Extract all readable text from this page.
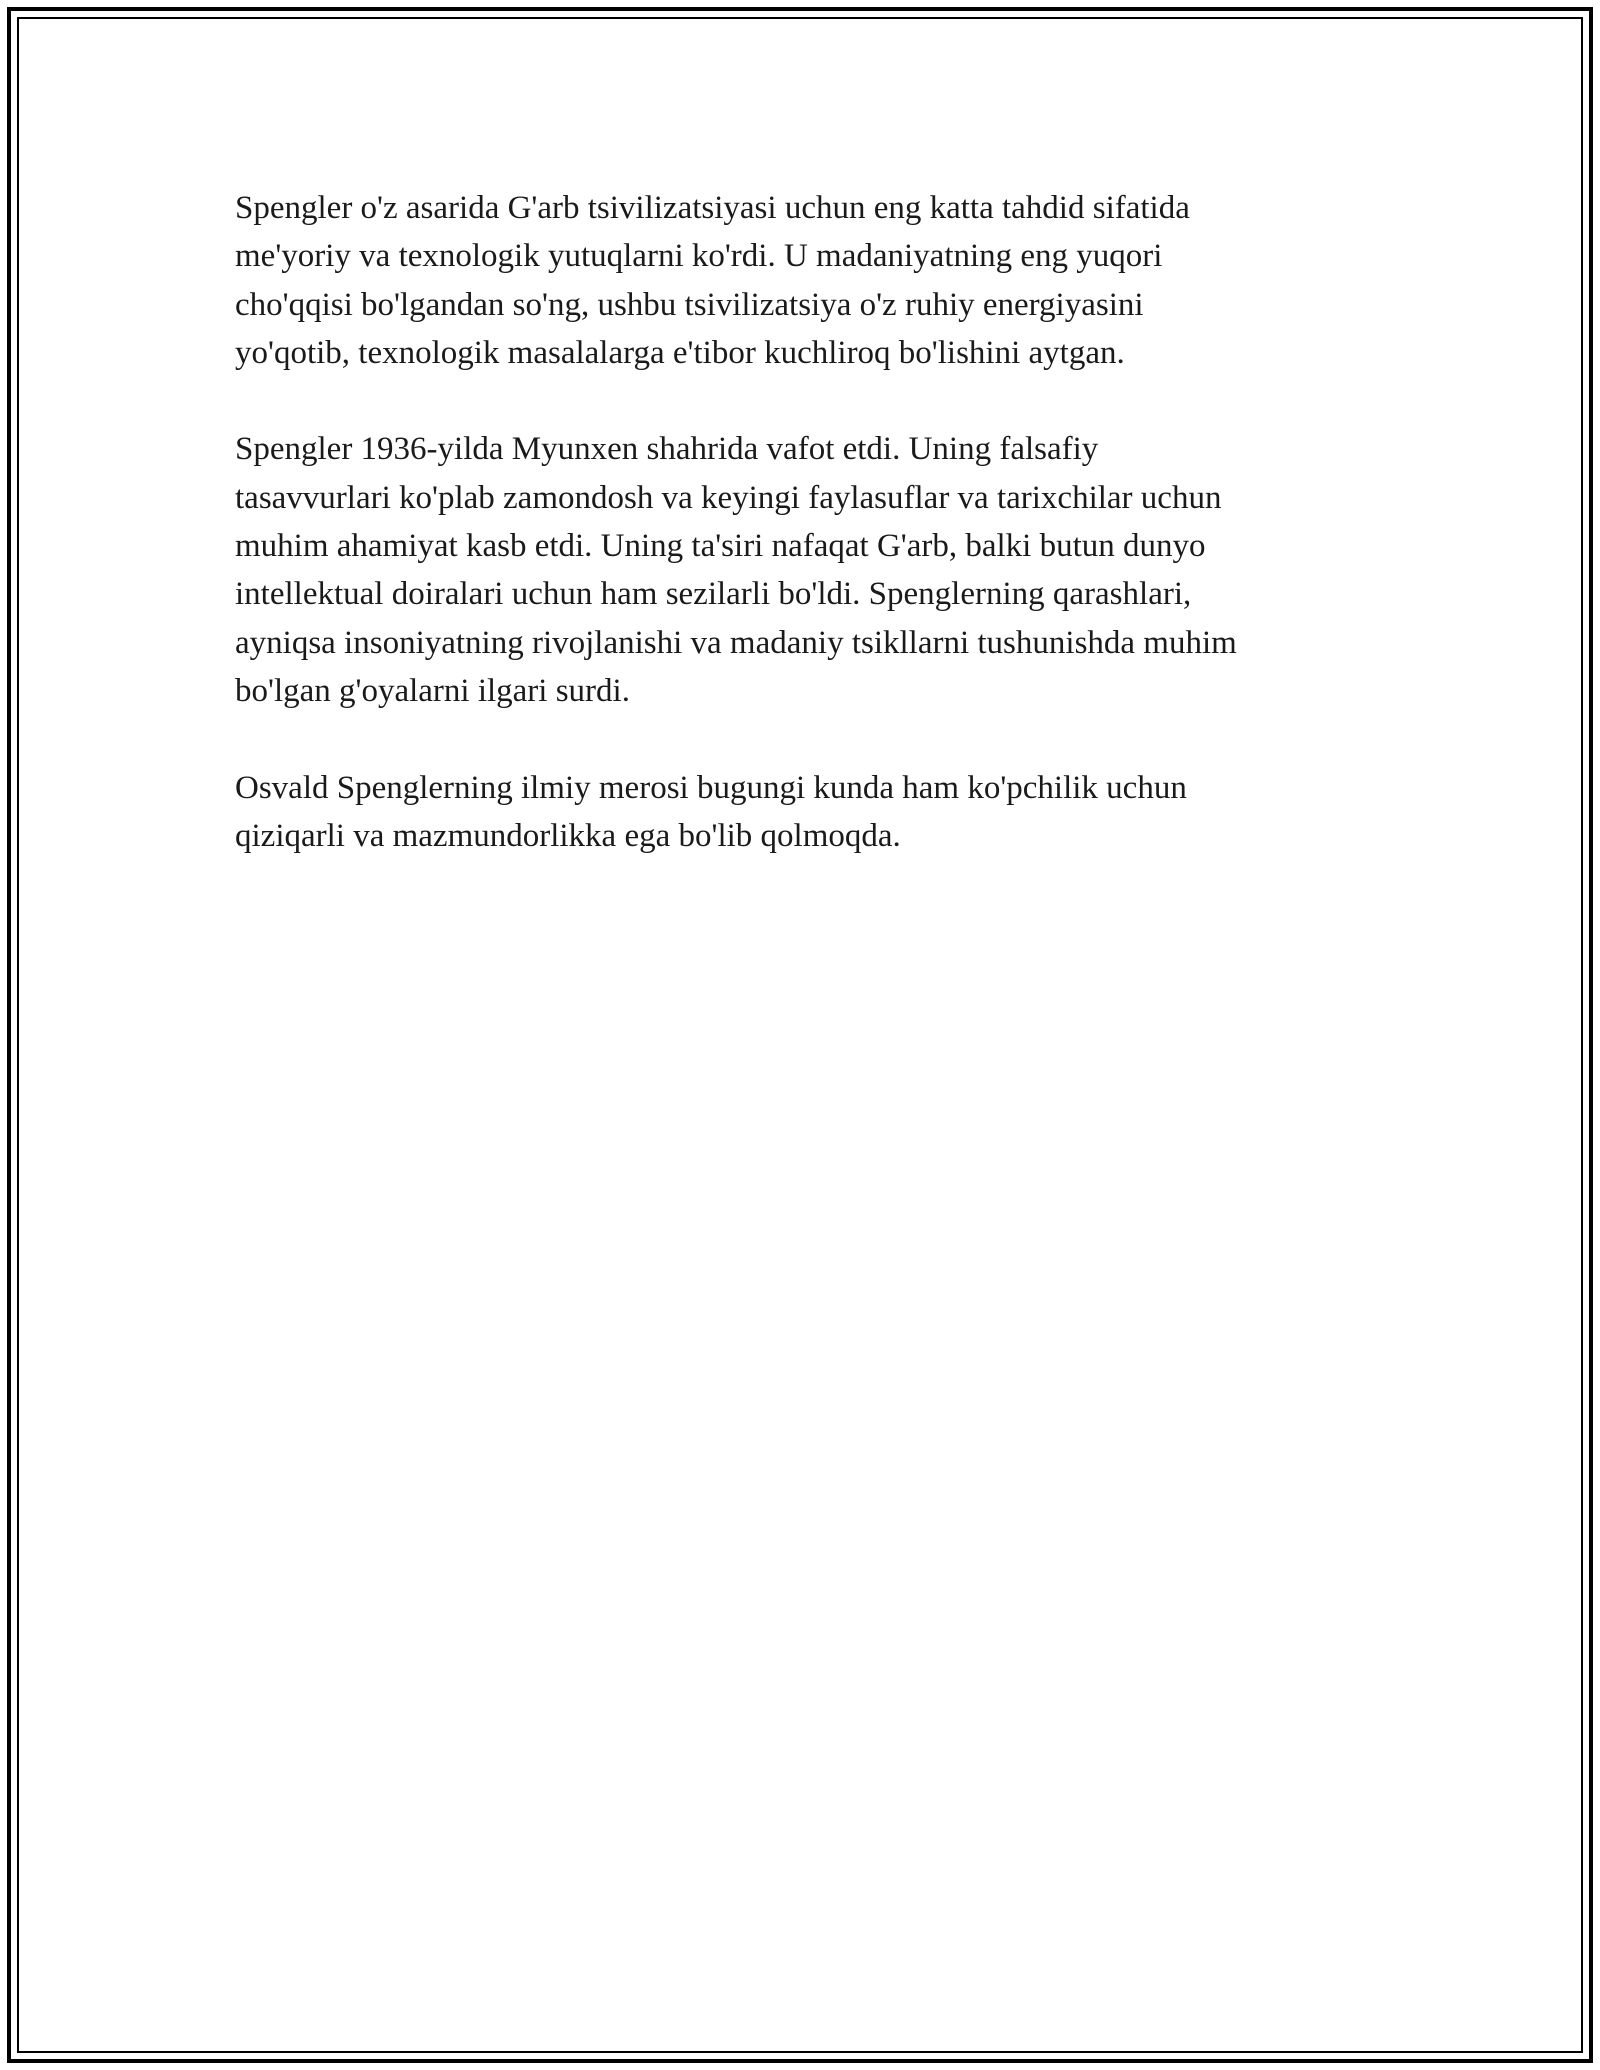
Spengler o'z asarida G'arb tsivilizatsiyasi uchun eng katta tahdid sifatida
me'yoriy va texnologik yutuqlarni ko'rdi. U madaniyatning eng yuqori
cho'qqisi bo'lgandan so'ng, ushbu tsivilizatsiya o'z ruhiy energiyasini
yo'qotib, texnologik masalalarga e'tibor kuchliroq bo'lishini aytgan.

Spengler 1936-yilda Myunxen shahrida vafot etdi. Uning falsafiy
tasavvurlari ko'plab zamondosh va keyingi faylasuflar va tarixchilar uchun
muhim ahamiyat kasb etdi. Uning ta'siri nafaqat G'arb, balki butun dunyo
intellektual doiralari uchun ham sezilarli bo'ldi. Spenglerning qarashlari,
ayniqsa insoniyatning rivojlanishi va madaniy tsikllarni tushunishda muhim
bo'lgan g'oyalarni ilgari surdi.

Osvald Spenglerning ilmiy merosi bugungi kunda ham ko'pchilik uchun
qiziqarli va mazmundorlikka ega bo'lib qolmoqda.
